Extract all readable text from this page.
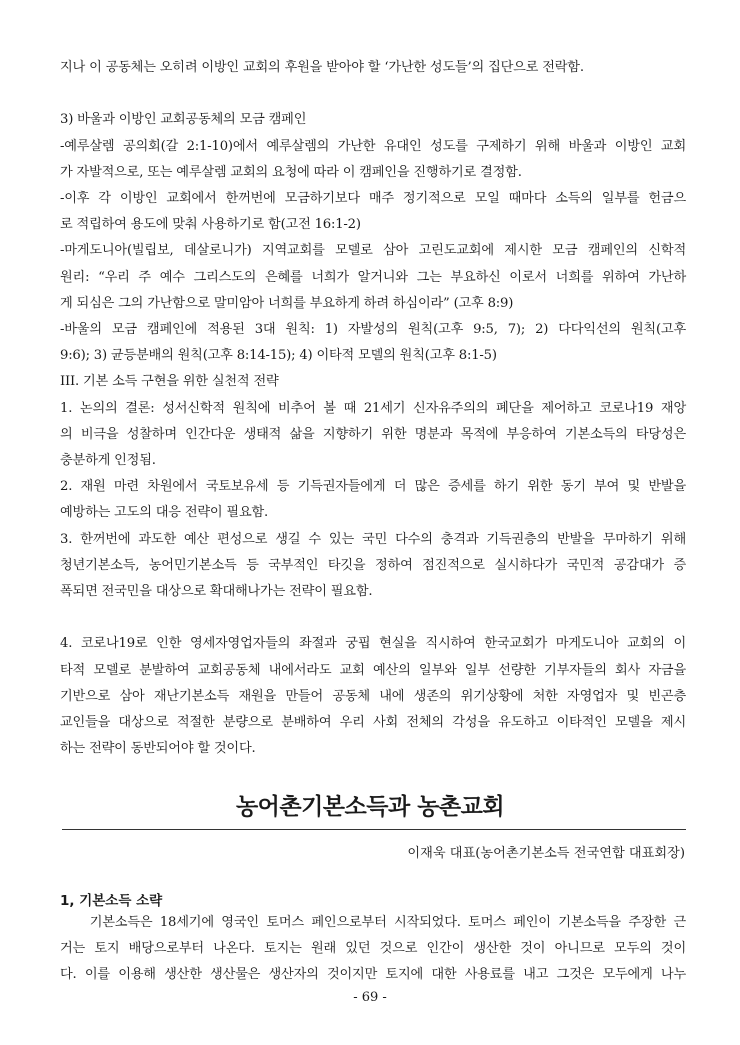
지나 이 공동체는 오히려 이방인 교회의 후원을 받아야 할 ‘가난한 성도들’의 집단으로 전락함.
3) 바울과 이방인 교회공동체의 모금 캠페인
-예루살렘 공의회(갈 2:1-10)에서 예루살렘의 가난한 유대인 성도를 구제하기 위해 바울과 이방인 교회
가 자발적으로, 또는 예루살렘 교회의 요청에 따라 이 캠페인을 진행하기로 결정함.
-이후 각 이방인 교회에서 한꺼번에 모금하기보다 매주 정기적으로 모일 때마다 소득의 일부를 헌금으
로 적립하여 용도에 맞춰 사용하기로 함(고전 16:1-2)
-마게도니아(빌립보, 데살로니가) 지역교회를 모델로 삼아 고린도교회에 제시한 모금 캠페인의 신학적
원리: “우리 주 예수 그리스도의 은혜를 너희가 알거니와 그는 부요하신 이로서 너희를 위하여 가난하
게 되심은 그의 가난함으로 말미암아 너희를 부요하게 하려 하심이라” (고후 8:9)
-바울의 모금 캠페인에 적용된 3대 원칙: 1) 자발성의 원칙(고후 9:5, 7); 2) 다다익선의 원칙(고후
9:6); 3) 균등분배의 원칙(고후 8:14-15); 4) 이타적 모델의 원칙(고후 8:1-5)
III. 기본 소득 구현을 위한 실천적 전략
1. 논의의 결론: 성서신학적 원칙에 비추어 볼 때 21세기 신자유주의의 폐단을 제어하고 코로나19 재앙
의 비극을 성찰하며 인간다운 생태적 삶을 지향하기 위한 명분과 목적에 부응하여 기본소득의 타당성은
충분하게 인정됨.
2. 재원 마련 차원에서 국토보유세 등 기득권자들에게 더 많은 증세를 하기 위한 동기 부여 및 반발을
예방하는 고도의 대응 전략이 필요함.
3. 한꺼번에 과도한 예산 편성으로 생길 수 있는 국민 다수의 충격과 기득권층의 반발을 무마하기 위해
청년기본소득, 농어민기본소득 등 국부적인 타깃을 정하여 점진적으로 실시하다가 국민적 공감대가 증
폭되면 전국민을 대상으로 확대해나가는 전략이 필요함.
4. 코로나19로 인한 영세자영업자들의 좌절과 궁핍 현실을 직시하여 한국교회가 마게도니아 교회의 이
타적 모델로 분발하여 교회공동체 내에서라도 교회 예산의 일부와 일부 선량한 기부자들의 회사 자금을
기반으로 삼아 재난기본소득 재원을 만들어 공동체 내에 생존의 위기상황에 처한 자영업자 및 빈곤층
교인들을 대상으로 적절한 분량으로 분배하여 우리 사회 전체의 각성을 유도하고 이타적인 모델을 제시
하는 전략이 동반되어야 할 것이다.
농어촌기본소득과 농촌교회
이재욱 대표(농어촌기본소득 전국연합 대표회장)
1, 기본소득 소략
기본소득은 18세기에 영국인 토머스 페인으로부터 시작되었다. 토머스 페인이 기본소득을 주장한 근
거는 토지 배당으로부터 나온다. 토지는 원래 있던 것으로 인간이 생산한 것이 아니므로 모두의 것이
다. 이를 이용해 생산한 생산물은 생산자의 것이지만 토지에 대한 사용료를 내고 그것은 모두에게 나누
- 69 -
